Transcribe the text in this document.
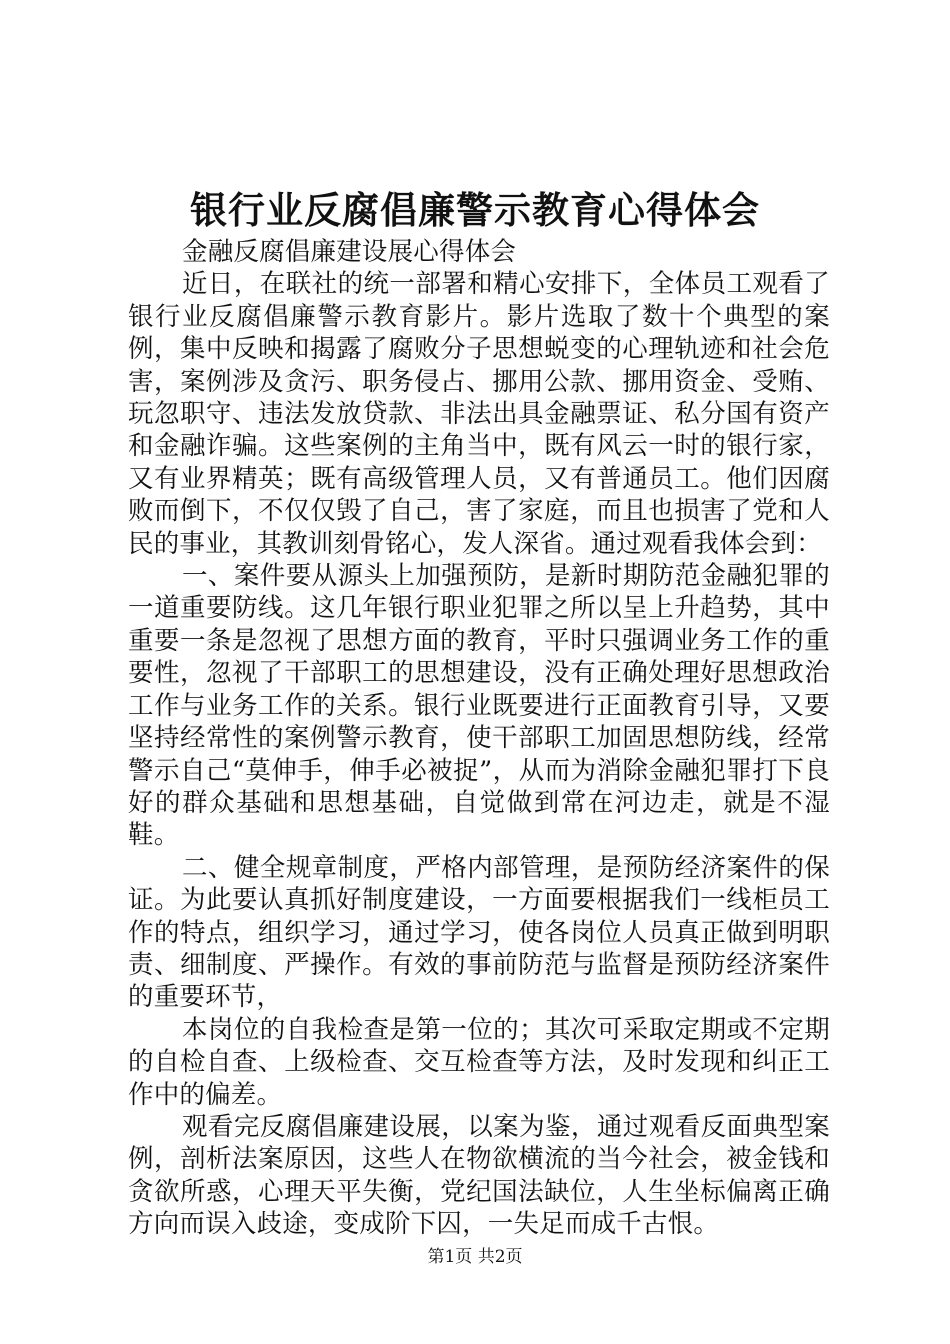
银行业反腐倡廉警示教育心得体会

金融反腐倡廉建设展心得体会

近日，在联社的统一部署和精心安排下，全体员工观看了银行业反腐倡廉警示教育影片。影片选取了数十个典型的案例，集中反映和揭露了腐败分子思想蜕变的心理轨迹和社会危害，案例涉及贪污、职务侵占、挪用公款、挪用资金、受贿、玩忽职守、违法发放贷款、非法出具金融票证、私分国有资产和金融诈骗。这些案例的主角当中，既有风云一时的银行家，又有业界精英；既有高级管理人员，又有普通员工。他们因腐败而倒下，不仅仅毁了自己，害了家庭，而且也损害了党和人民的事业，其教训刻骨铭心，发人深省。通过观看我体会到：

一、案件要从源头上加强预防，是新时期防范金融犯罪的一道重要防线。这几年银行职业犯罪之所以呈上升趋势，其中重要一条是忽视了思想方面的教育，平时只强调业务工作的重要性，忽视了干部职工的思想建设，没有正确处理好思想政治工作与业务工作的关系。银行业既要进行正面教育引导，又要坚持经常性的案例警示教育，使干部职工加固思想防线，经常警示自己“莫伸手，伸手必被捉”，从而为消除金融犯罪打下良好的群众基础和思想基础，自觉做到常在河边走，就是不湿鞋。

二、健全规章制度，严格内部管理，是预防经济案件的保证。为此要认真抓好制度建设，一方面要根据我们一线柜员工作的特点，组织学习，通过学习，使各岗位人员真正做到明职责、细制度、严操作。有效的事前防范与监督是预防经济案件的重要环节，

本岗位的自我检查是第一位的；其次可采取定期或不定期的自检自查、上级检查、交互检查等方法，及时发现和纠正工作中的偏差。

观看完反腐倡廉建设展，以案为鉴，通过观看反面典型案例，剖析法案原因，这些人在物欲横流的当今社会，被金钱和贪欲所惑，心理天平失衡，党纪国法缺位，人生坐标偏离正确方向而误入歧途，变成阶下囚，一失足而成千古恨。

第1页 共2页
